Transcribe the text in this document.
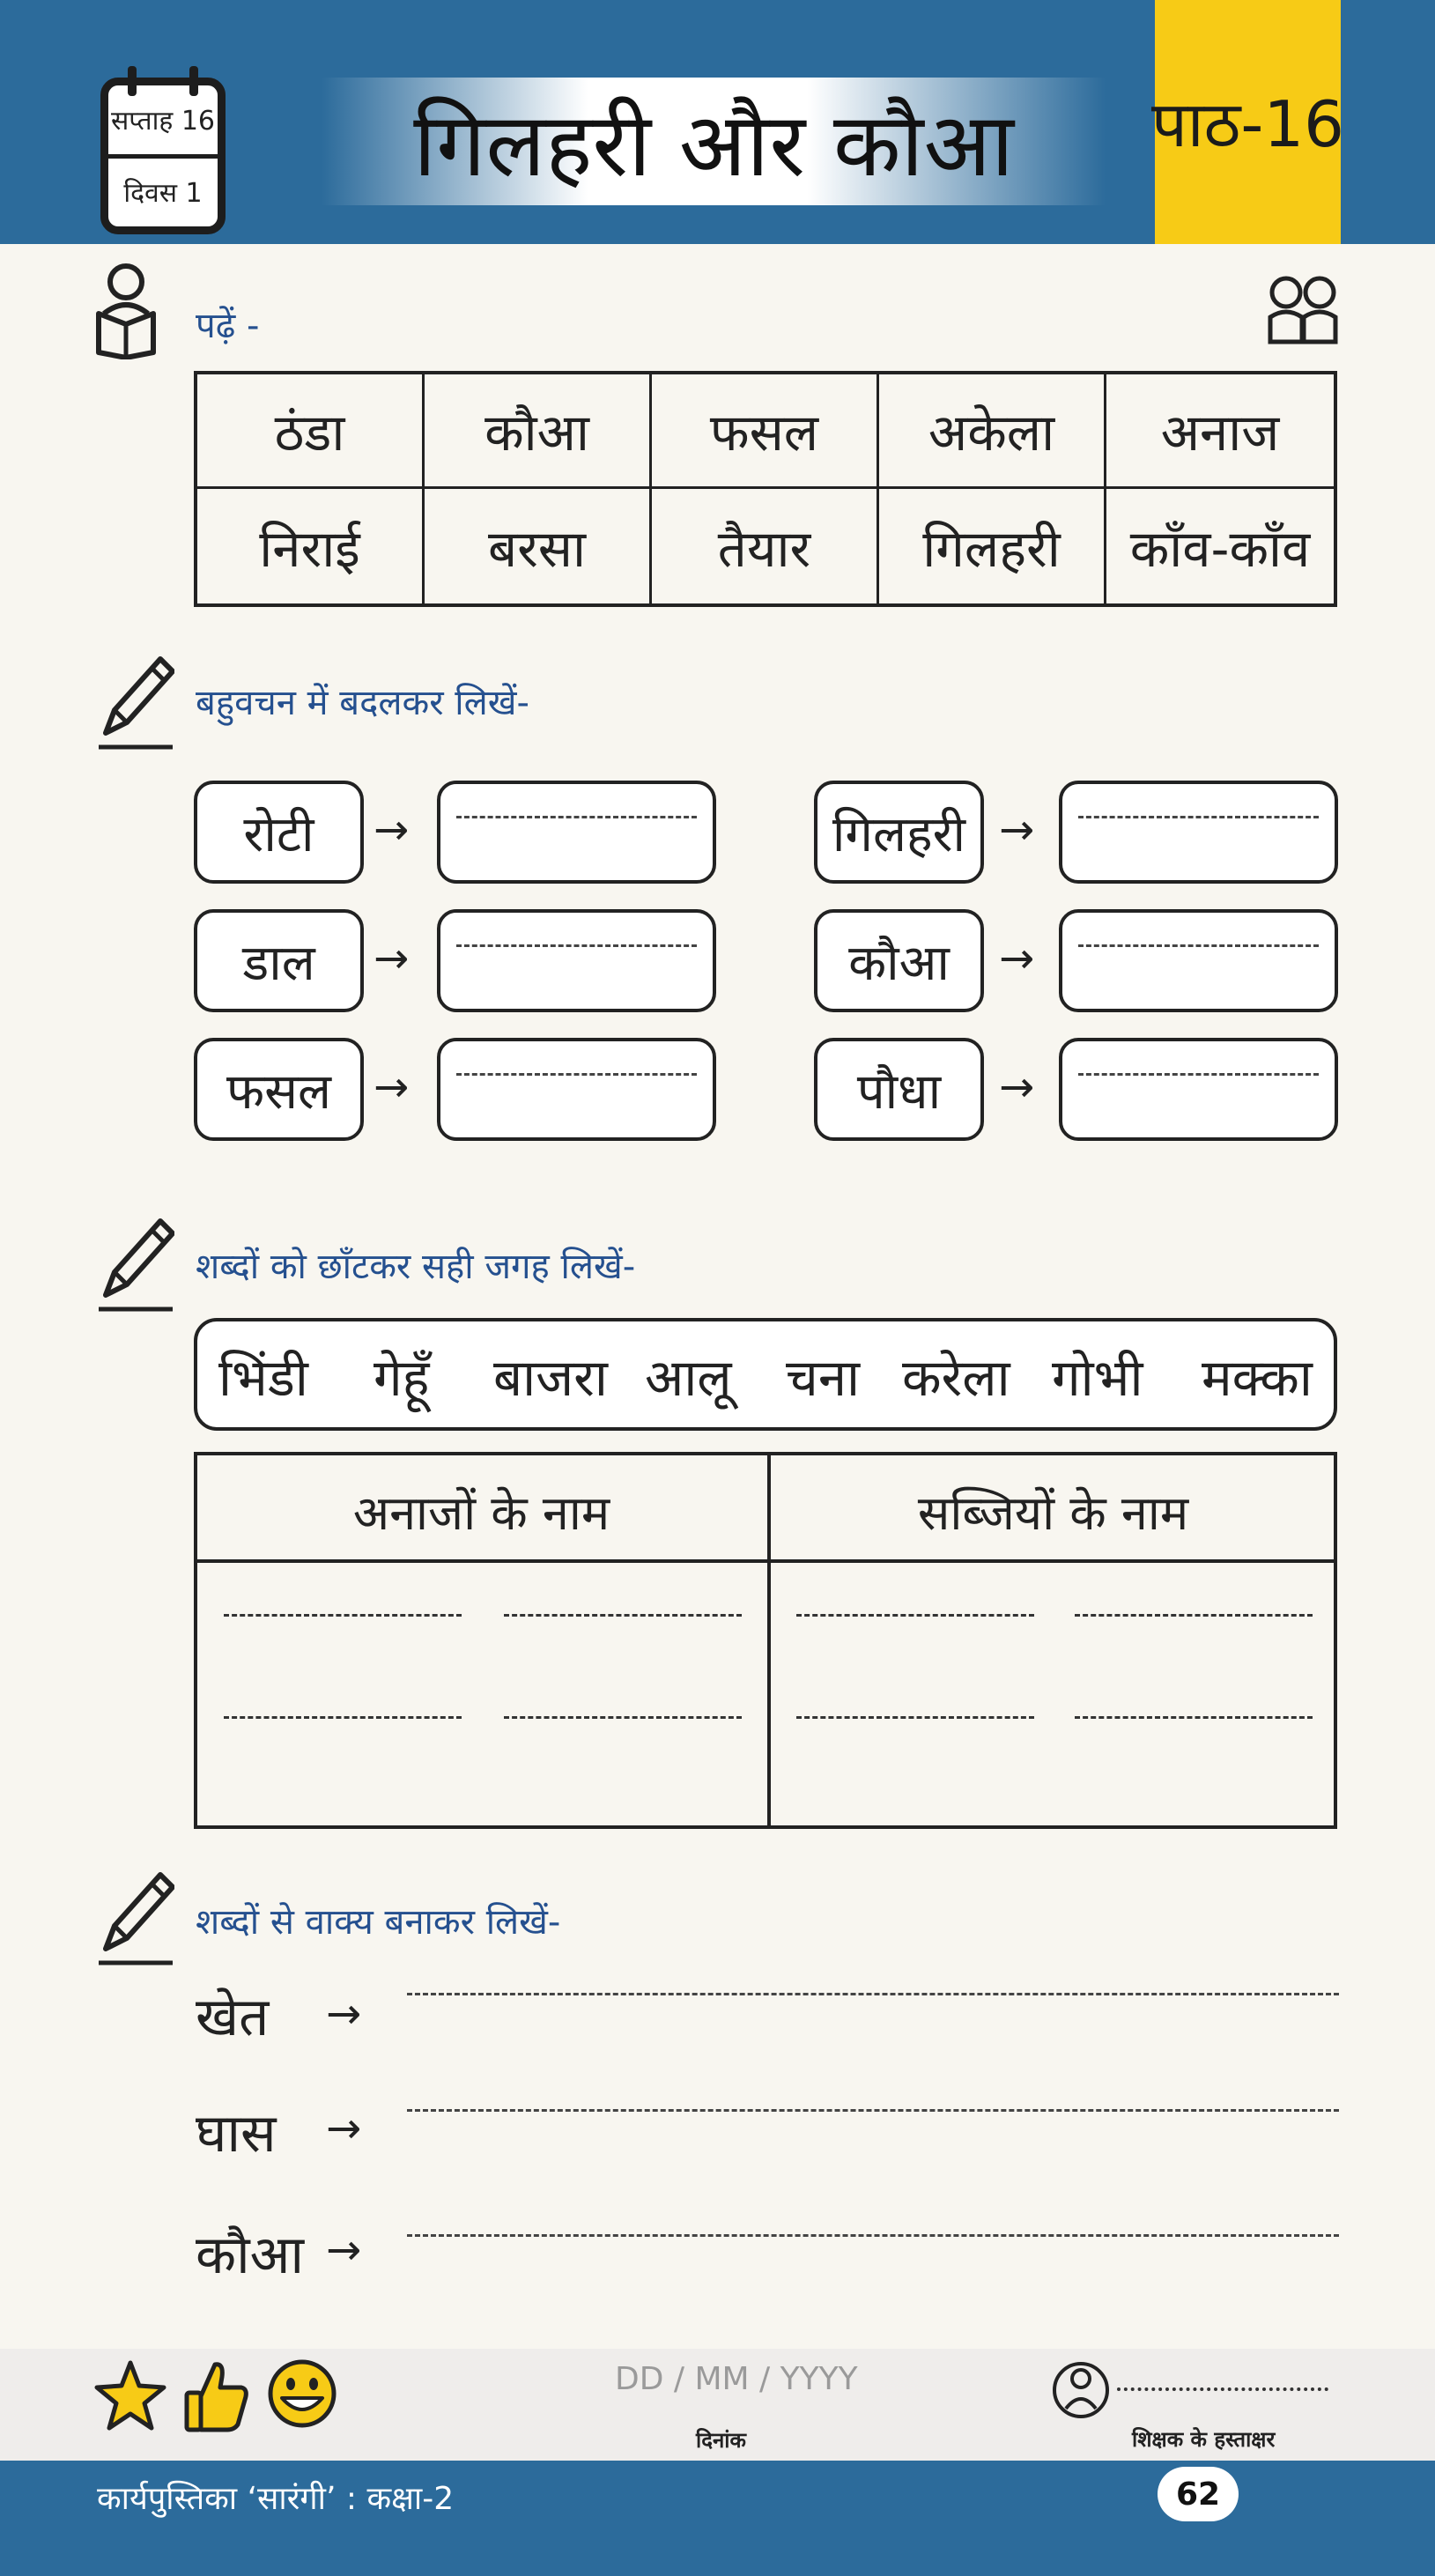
सप्ताह 16
दिवस 1 गिलहरी और कौआ पाठ-16
पढ़ें -
ठंडा	कौआ	फसल	अकेला	अनाज
निराई	बरसा	तैयार	गिलहरी	काँव-काँव
बहुवचन में बदलकर लिखें-
रोटी	→
डाल	→
फसल	→
गिलहरी →
कौआ	→
पौधा	→
शब्दों को छाँटकर सही जगह लिखें-
भिंडी गेहूँ बाजरा आलू चना करेला गोभी मक्का
अनाजों के नाम	सब्जियों के नाम
शब्दों से वाक्य बनाकर लिखें-
खेत →
घास →
कौआ →
DD / MM / YYYY
दिनांक	शिक्षक के हस्ताक्षर
कार्यपुस्तिका ‘सारंगी’ : कक्षा-2	62
